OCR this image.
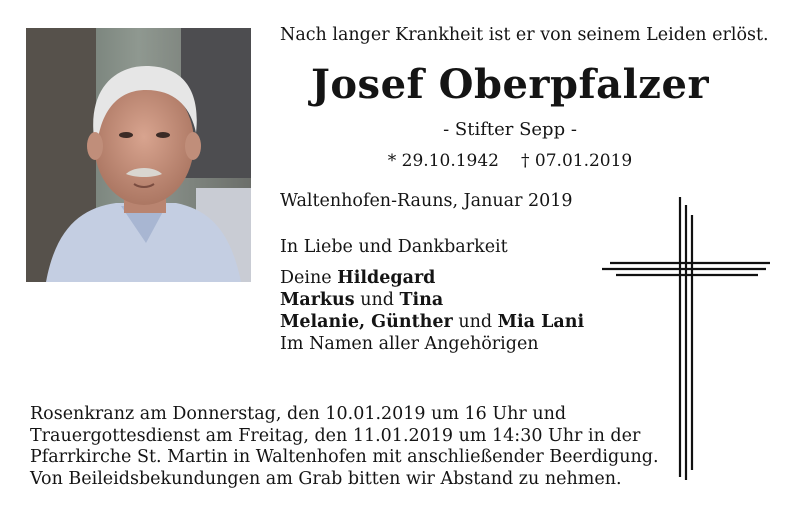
Nach langer Krankheit ist er von seinem Leiden erlöst.
Josef Oberpfalzer
- Stifter Sepp -
* 29.10.1942 † 07.01.2019
Waltenhofen-Rauns, Januar 2019
In Liebe und Dankbarkeit
Deine Hildegard
Markus und Tina
Melanie, Günther und Mia Lani
Im Namen aller Angehörigen
Rosenkranz am Donnerstag, den 10.01.2019 um 16 Uhr und
Trauergottesdienst am Freitag, den 11.01.2019 um 14:30 Uhr in der
Pfarrkirche St. Martin in Waltenhofen mit anschließender Beerdigung.
Von Beileidsbekundungen am Grab bitten wir Abstand zu nehmen.
